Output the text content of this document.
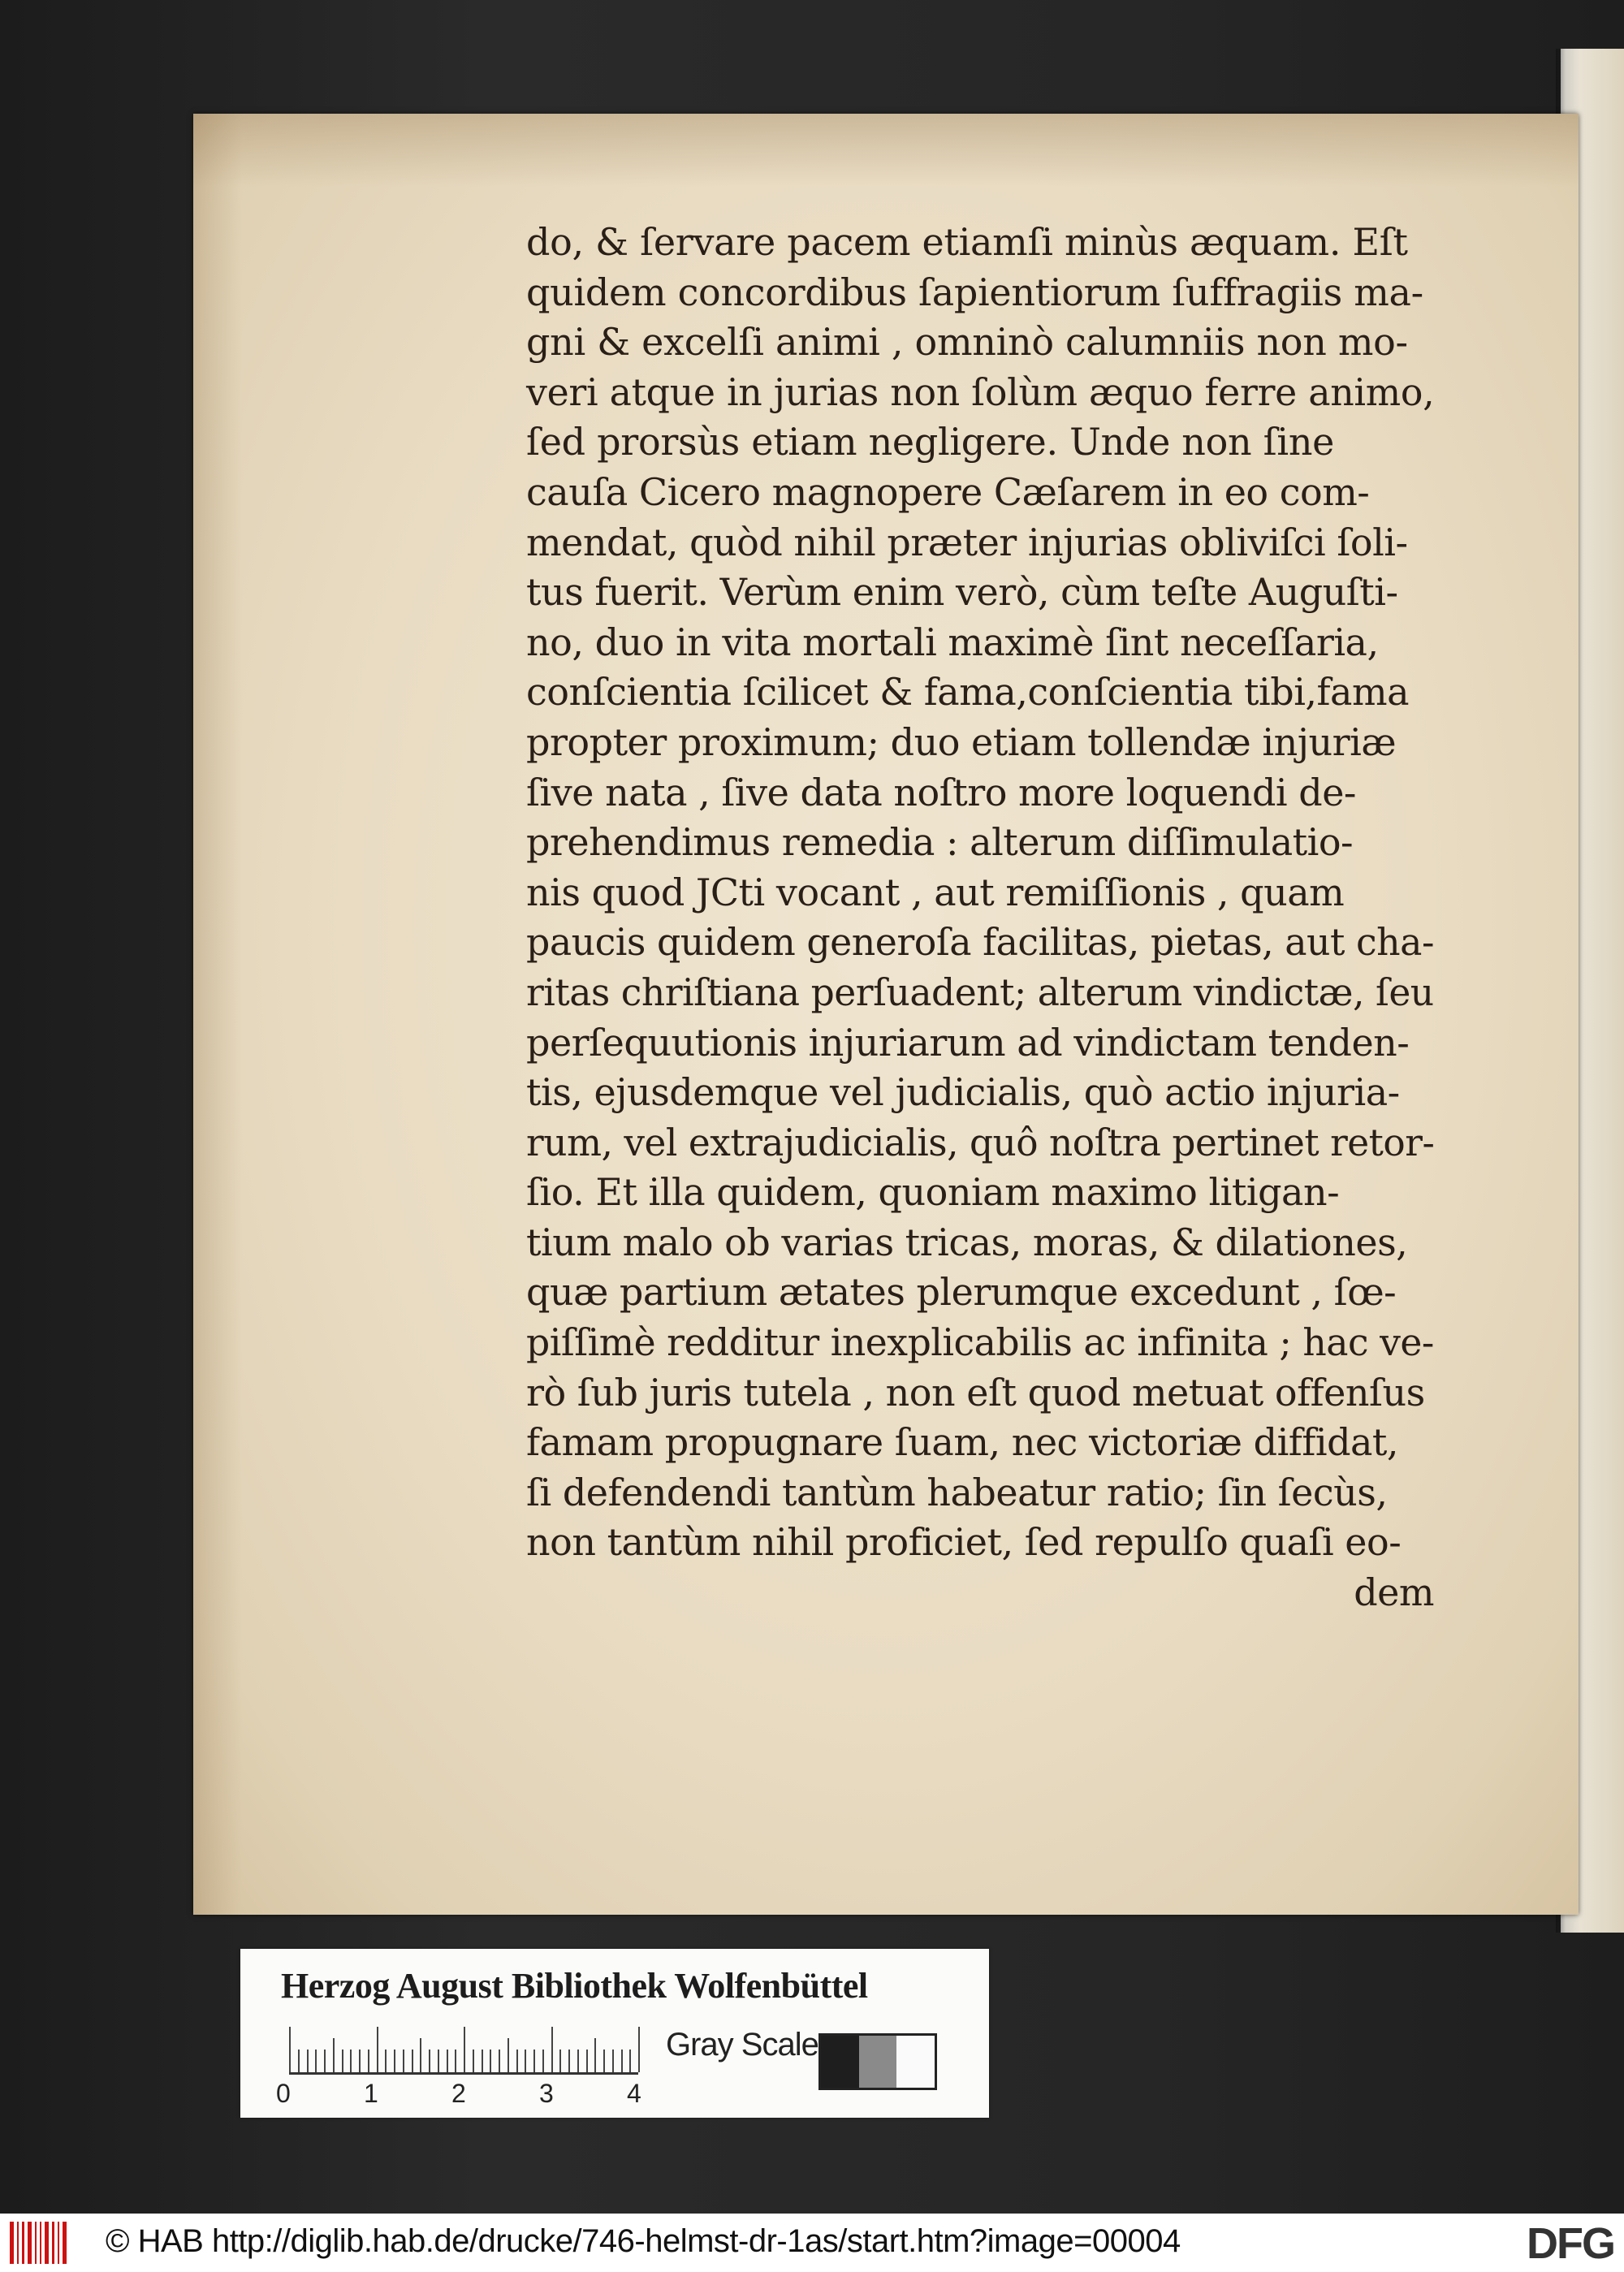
do, & ſervare pacem etiamſi minùs æquam. Eſt
quidem concordibus ſapientiorum ſuffragiis ma-
gni & excelſi animi , omninò calumniis non mo-
veri atque in jurias non ſolùm æquo ferre animo,
ſed prorsùs etiam negligere. Unde non ſine
cauſa Cicero magnopere Cæſarem in eo com-
mendat, quòd nihil præter injurias obliviſci ſoli-
tus fuerit. Verùm enim verò, cùm teſte Auguſti-
no, duo in vita mortali maximè ſint neceſſaria,
conſcientia ſcilicet & fama,conſcientia tibi,fama
propter proximum; duo etiam tollendæ injuriæ
ſive nata , ſive data noſtro more loquendi de-
prehendimus remedia : alterum diſſimulatio-
nis quod JCti vocant , aut remiſſionis , quam
paucis quidem generoſa facilitas, pietas, aut cha-
ritas chriſtiana perſuadent; alterum vindictæ, ſeu
perſequutionis injuriarum ad vindictam tenden-
tis, ejusdemque vel judicialis, quò actio injuria-
rum, vel extrajudicialis, quô noſtra pertinet retor-
ſio. Et illa quidem, quoniam maximo litigan-
tium malo ob varias tricas, moras, & dilationes,
quæ partium ætates plerumque excedunt , ſœ-
piſſimè redditur inexplicabilis ac infinita ; hac ve-
rò ſub juris tutela , non eſt quod metuat offenſus
famam propugnare ſuam, nec victoriæ diffidat,
ſi defendendi tantùm habeatur ratio; ſin ſecùs,
non tantùm nihil proficiet, ſed repulſo quaſi eo-
dem
Herzog August Bibliothek Wolfenbüttel
0	1	2	3	4
Gray Scale
© HAB http://diglib.hab.de/drucke/746-helmst-dr-1as/start.htm?image=00004	DFG
